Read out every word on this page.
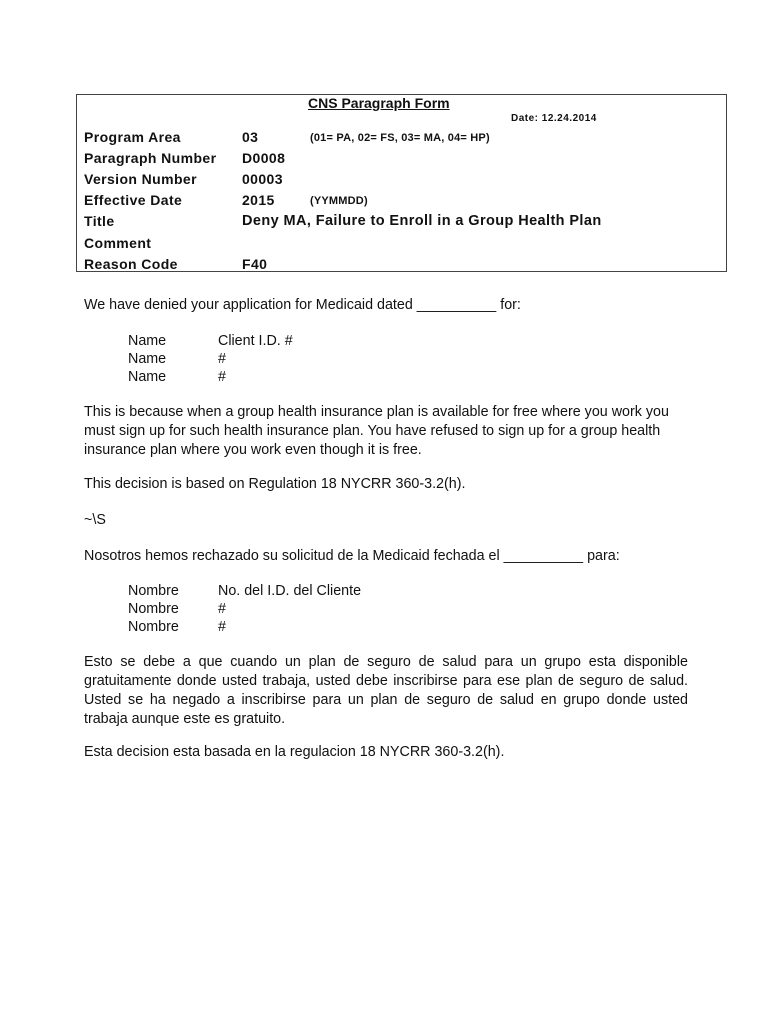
CNS Paragraph Form
Date: 12.24.2014
Program Area	03	(01= PA, 02= FS, 03= MA, 04= HP)
Paragraph Number D0008
Version Number	00003
Effective Date	2015	(YYMMDD)
Title	Deny MA, Failure to Enroll in a Group Health Plan
Comment
Reason Code	F40

We have denied your application for Medicaid dated __________ for:

Name	Client I.D. #
Name	#
Name	#

This is because when a group health insurance plan is available for free where you work you must sign up for such health insurance plan. You have refused to sign up for a group health insurance plan where you work even though it is free.

This decision is based on Regulation 18 NYCRR 360-3.2(h).

~\S

Nosotros hemos rechazado su solicitud de la Medicaid fechada el __________ para:

Nombre	No. del I.D. del Cliente
Nombre	#
Nombre	#

Esto se debe a que cuando un plan de seguro de salud para un grupo esta disponible gratuitamente donde usted trabaja, usted debe inscribirse para ese plan de seguro de salud. Usted se ha negado a inscribirse para un plan de seguro de salud en grupo donde usted trabaja aunque este es gratuito.

Esta decision esta basada en la regulacion 18 NYCRR 360-3.2(h).
